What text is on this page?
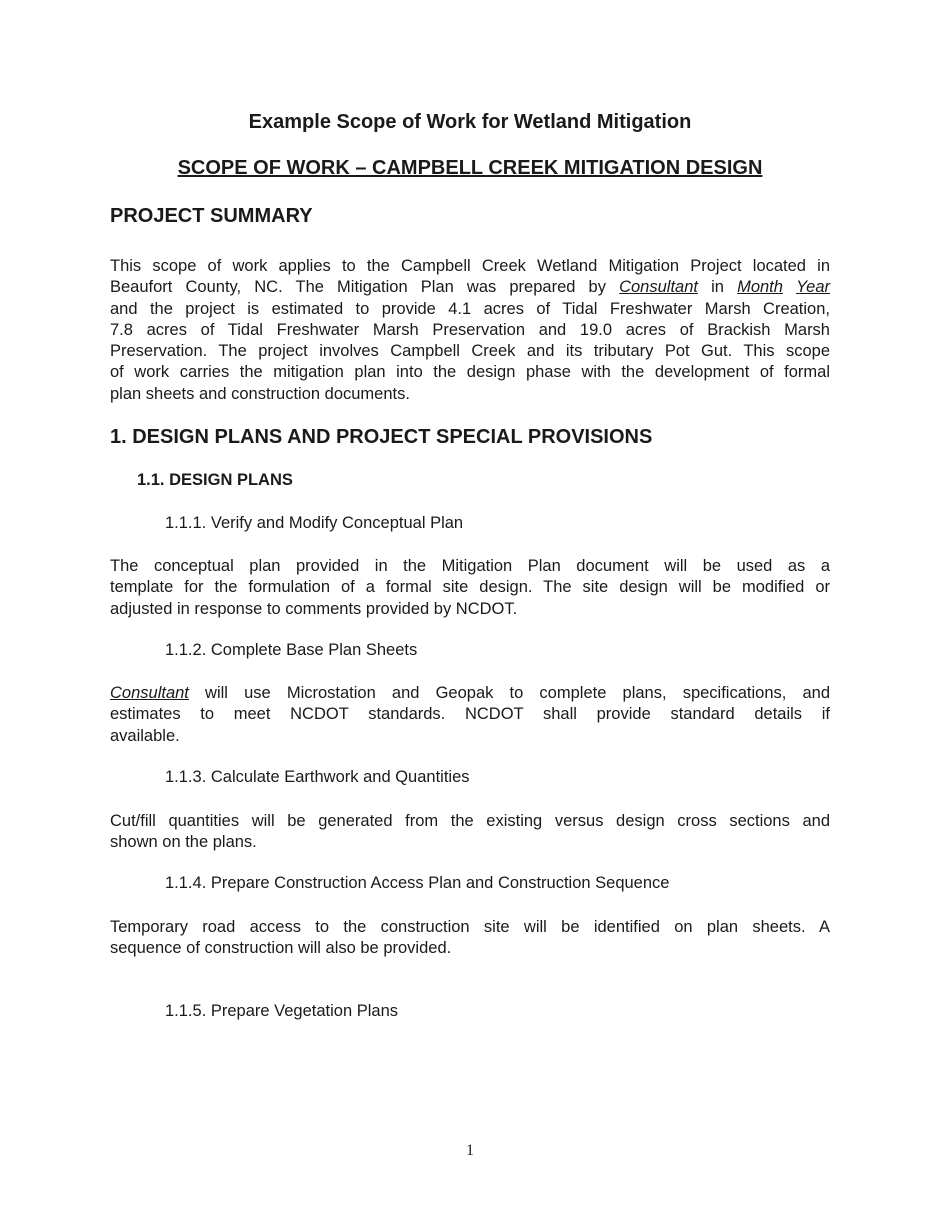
Example Scope of Work for Wetland Mitigation
SCOPE OF WORK – CAMPBELL CREEK MITIGATION DESIGN
PROJECT SUMMARY
This scope of work applies to the Campbell Creek Wetland Mitigation Project located in
Beaufort County, NC. The Mitigation Plan was prepared by Consultant in Month Year
and the project is estimated to provide 4.1 acres of Tidal Freshwater Marsh Creation,
7.8 acres of Tidal Freshwater Marsh Preservation and 19.0 acres of Brackish Marsh
Preservation. The project involves Campbell Creek and its tributary Pot Gut. This scope
of work carries the mitigation plan into the design phase with the development of formal
plan sheets and construction documents.
1. DESIGN PLANS AND PROJECT SPECIAL PROVISIONS
1.1. DESIGN PLANS
1.1.1. Verify and Modify Conceptual Plan
The conceptual plan provided in the Mitigation Plan document will be used as a
template for the formulation of a formal site design. The site design will be modified or
adjusted in response to comments provided by NCDOT.
1.1.2. Complete Base Plan Sheets
Consultant will use Microstation and Geopak to complete plans, specifications, and
estimates to meet NCDOT standards. NCDOT shall provide standard details if
available.
1.1.3. Calculate Earthwork and Quantities
Cut/fill quantities will be generated from the existing versus design cross sections and
shown on the plans.
1.1.4. Prepare Construction Access Plan and Construction Sequence
Temporary road access to the construction site will be identified on plan sheets. A
sequence of construction will also be provided.
1.1.5. Prepare Vegetation Plans
1
